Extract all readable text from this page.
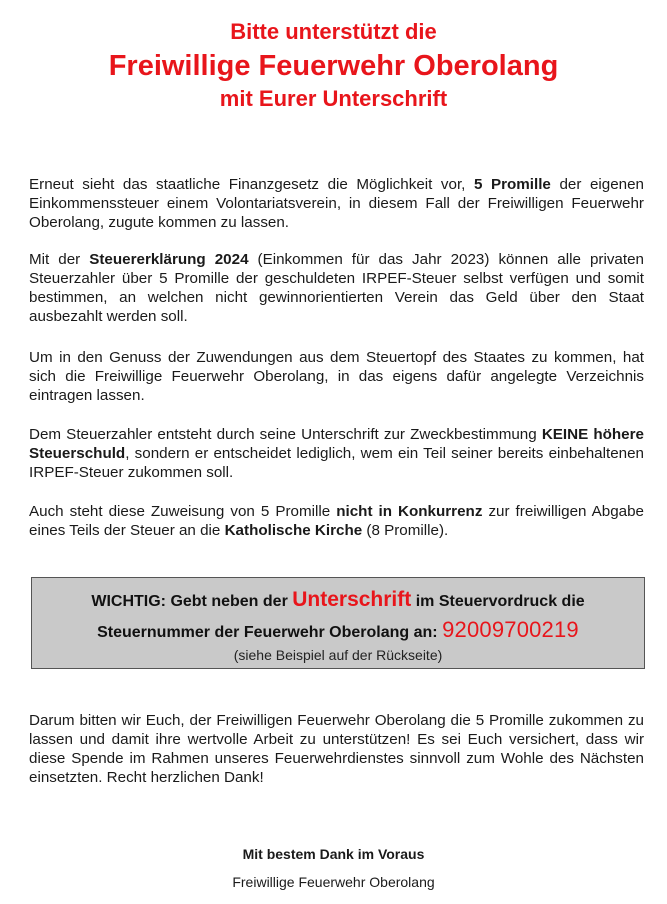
Bitte unterstützt die
Freiwillige Feuerwehr Oberolang
mit Eurer Unterschrift

Erneut sieht das staatliche Finanzgesetz die Möglichkeit vor, 5 Promille der eigenen Einkommenssteuer einem Volontariatsverein, in diesem Fall der Freiwilligen Feuerwehr Oberolang, zugute kommen zu lassen.

Mit der Steuererklärung 2024 (Einkommen für das Jahr 2023) können alle privaten Steuerzahler über 5 Promille der geschuldeten IRPEF-Steuer selbst verfügen und somit bestimmen, an welchen nicht gewinnorientierten Verein das Geld über den Staat ausbezahlt werden soll.

Um in den Genuss der Zuwendungen aus dem Steuertopf des Staates zu kommen, hat sich die Freiwillige Feuerwehr Oberolang, in das eigens dafür angelegte Verzeichnis eintragen lassen.

Dem Steuerzahler entsteht durch seine Unterschrift zur Zweckbestimmung KEINE höhere Steuerschuld, sondern er entscheidet lediglich, wem ein Teil seiner bereits einbehaltenen IRPEF-Steuer zukommen soll.

Auch steht diese Zuweisung von 5 Promille nicht in Konkurrenz zur freiwilligen Abgabe eines Teils der Steuer an die Katholische Kirche (8 Promille).

WICHTIG: Gebt neben der Unterschrift im Steuervordruck die
Steuernummer der Feuerwehr Oberolang an: 92009700219
(siehe Beispiel auf der Rückseite)

Darum bitten wir Euch, der Freiwilligen Feuerwehr Oberolang die 5 Promille zukommen zu lassen und damit ihre wertvolle Arbeit zu unterstützen! Es sei Euch versichert, dass wir diese Spende im Rahmen unseres Feuerwehrdienstes sinnvoll zum Wohle des Nächsten einsetzten. Recht herzlichen Dank!

Mit bestem Dank im Voraus
Freiwillige Feuerwehr Oberolang
